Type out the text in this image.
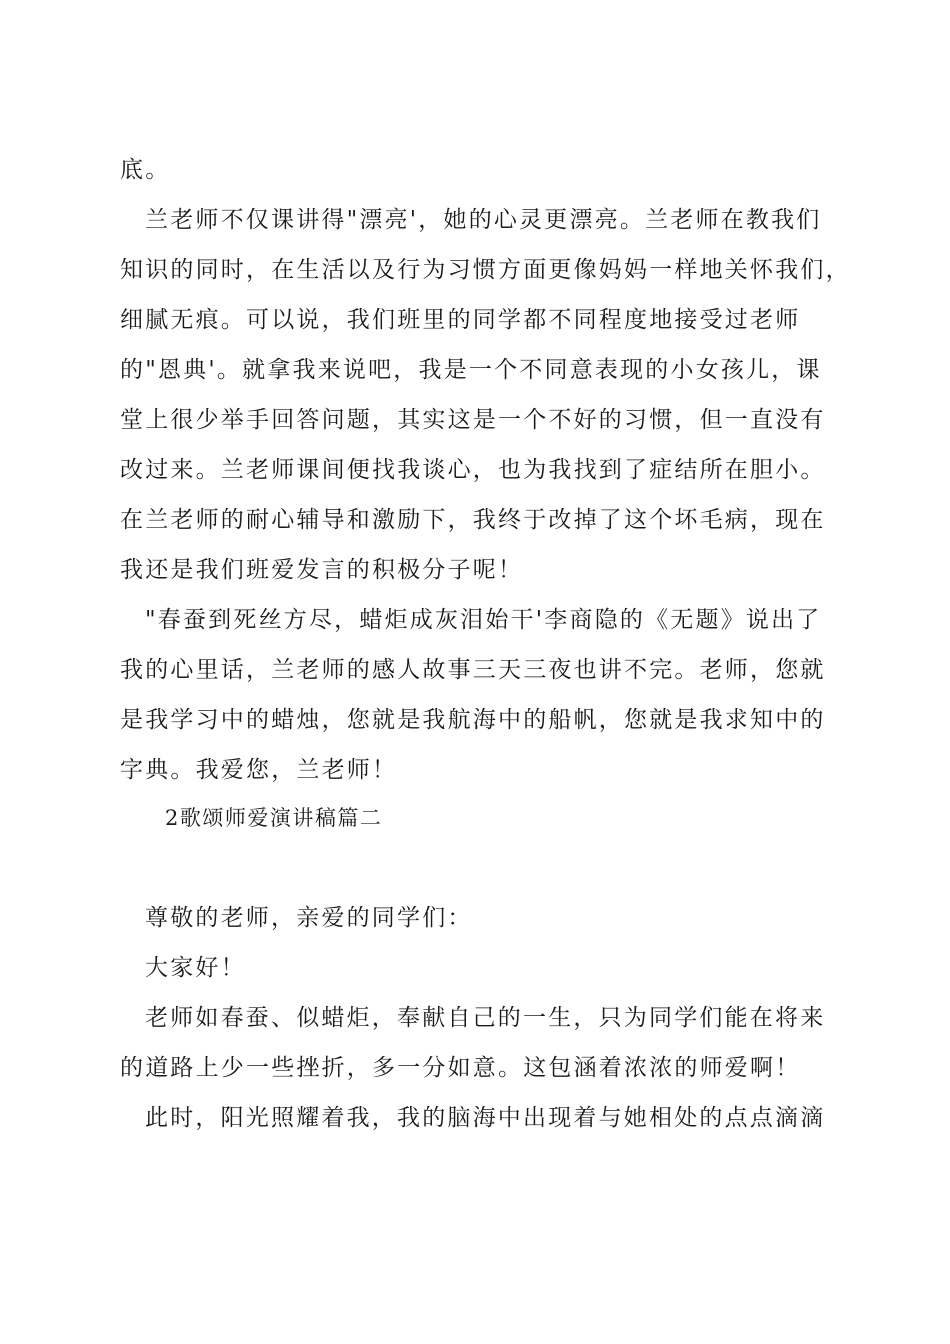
底。
兰老师不仅课讲得"漂亮'，她的心灵更漂亮。兰老师在教我们
知识的同时，在生活以及行为习惯方面更像妈妈一样地关怀我们，
细腻无痕。可以说，我们班里的同学都不同程度地接受过老师
的"恩典'。就拿我来说吧，我是一个不同意表现的小女孩儿，课
堂上很少举手回答问题，其实这是一个不好的习惯，但一直没有
改过来。兰老师课间便找我谈心，也为我找到了症结所在胆小。
在兰老师的耐心辅导和激励下，我终于改掉了这个坏毛病，现在
我还是我们班爱发言的积极分子呢！
"春蚕到死丝方尽，蜡炬成灰泪始干'李商隐的《无题》说出了
我的心里话，兰老师的感人故事三天三夜也讲不完。老师，您就
是我学习中的蜡烛，您就是我航海中的船帆，您就是我求知中的
字典。我爱您，兰老师！
2歌颂师爱演讲稿篇二
尊敬的老师，亲爱的同学们：
大家好！
老师如春蚕、似蜡炬，奉献自己的一生，只为同学们能在将来
的道路上少一些挫折，多一分如意。这包涵着浓浓的师爱啊！
此时，阳光照耀着我，我的脑海中出现着与她相处的点点滴滴
